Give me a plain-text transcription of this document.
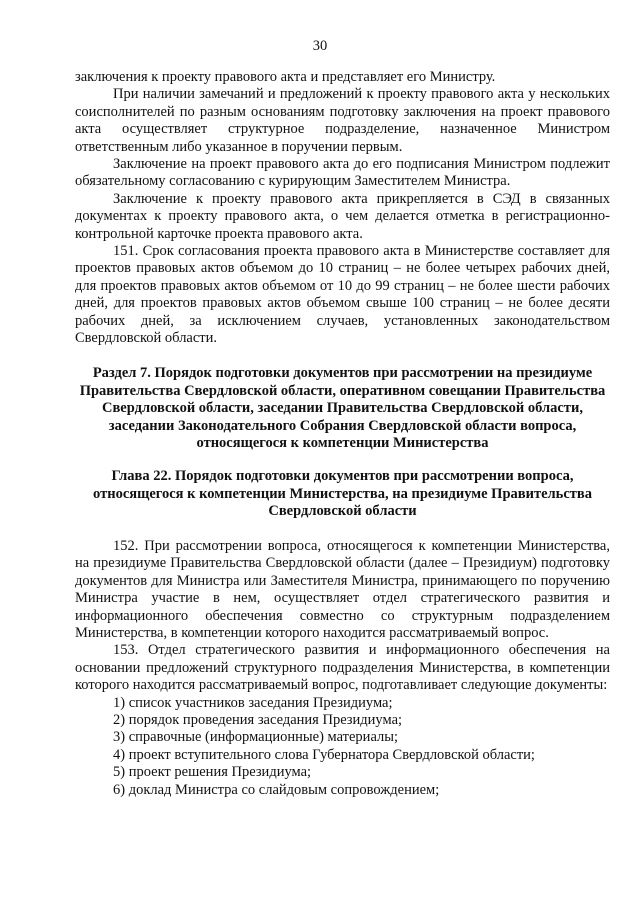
30

заключения к проекту правового акта и представляет его Министру.

При наличии замечаний и предложений к проекту правового акта у нескольких соисполнителей по разным основаниям подготовку заключения на проект правового акта осуществляет структурное подразделение, назначенное Министром ответственным либо указанное в поручении первым.

Заключение на проект правового акта до его подписания Министром подлежит обязательному согласованию с курирующим Заместителем Министра.

Заключение к проекту правового акта прикрепляется в СЭД в связанных документах к проекту правового акта, о чем делается отметка в регистрационно-контрольной карточке проекта правового акта.

151. Срок согласования проекта правового акта в Министерстве составляет для проектов правовых актов объемом до 10 страниц – не более четырех рабочих дней, для проектов правовых актов объемом от 10 до 99 страниц – не более шести рабочих дней, для проектов правовых актов объемом свыше 100 страниц – не более десяти рабочих дней, за исключением случаев, установленных законодательством Свердловской области.

Раздел 7. Порядок подготовки документов при рассмотрении на президиуме Правительства Свердловской области, оперативном совещании Правительства Свердловской области, заседании Правительства Свердловской области, заседании Законодательного Собрания Свердловской области вопроса, относящегося к компетенции Министерства
Глава 22. Порядок подготовки документов при рассмотрении вопроса, относящегося к компетенции Министерства, на президиуме Правительства Свердловской области

152. При рассмотрении вопроса, относящегося к компетенции Министерства, на президиуме Правительства Свердловской области (далее – Президиум) подготовку документов для Министра или Заместителя Министра, принимающего по поручению Министра участие в нем, осуществляет отдел стратегического развития и информационного обеспечения совместно со структурным подразделением Министерства, в компетенции которого находится рассматриваемый вопрос.

153. Отдел стратегического развития и информационного обеспечения на основании предложений структурного подразделения Министерства, в компетенции которого находится рассматриваемый вопрос, подготавливает следующие документы:

1) список участников заседания Президиума;

2) порядок проведения заседания Президиума;

3) справочные (информационные) материалы;

4) проект вступительного слова Губернатора Свердловской области;

5) проект решения Президиума;

6) доклад Министра со слайдовым сопровождением;
